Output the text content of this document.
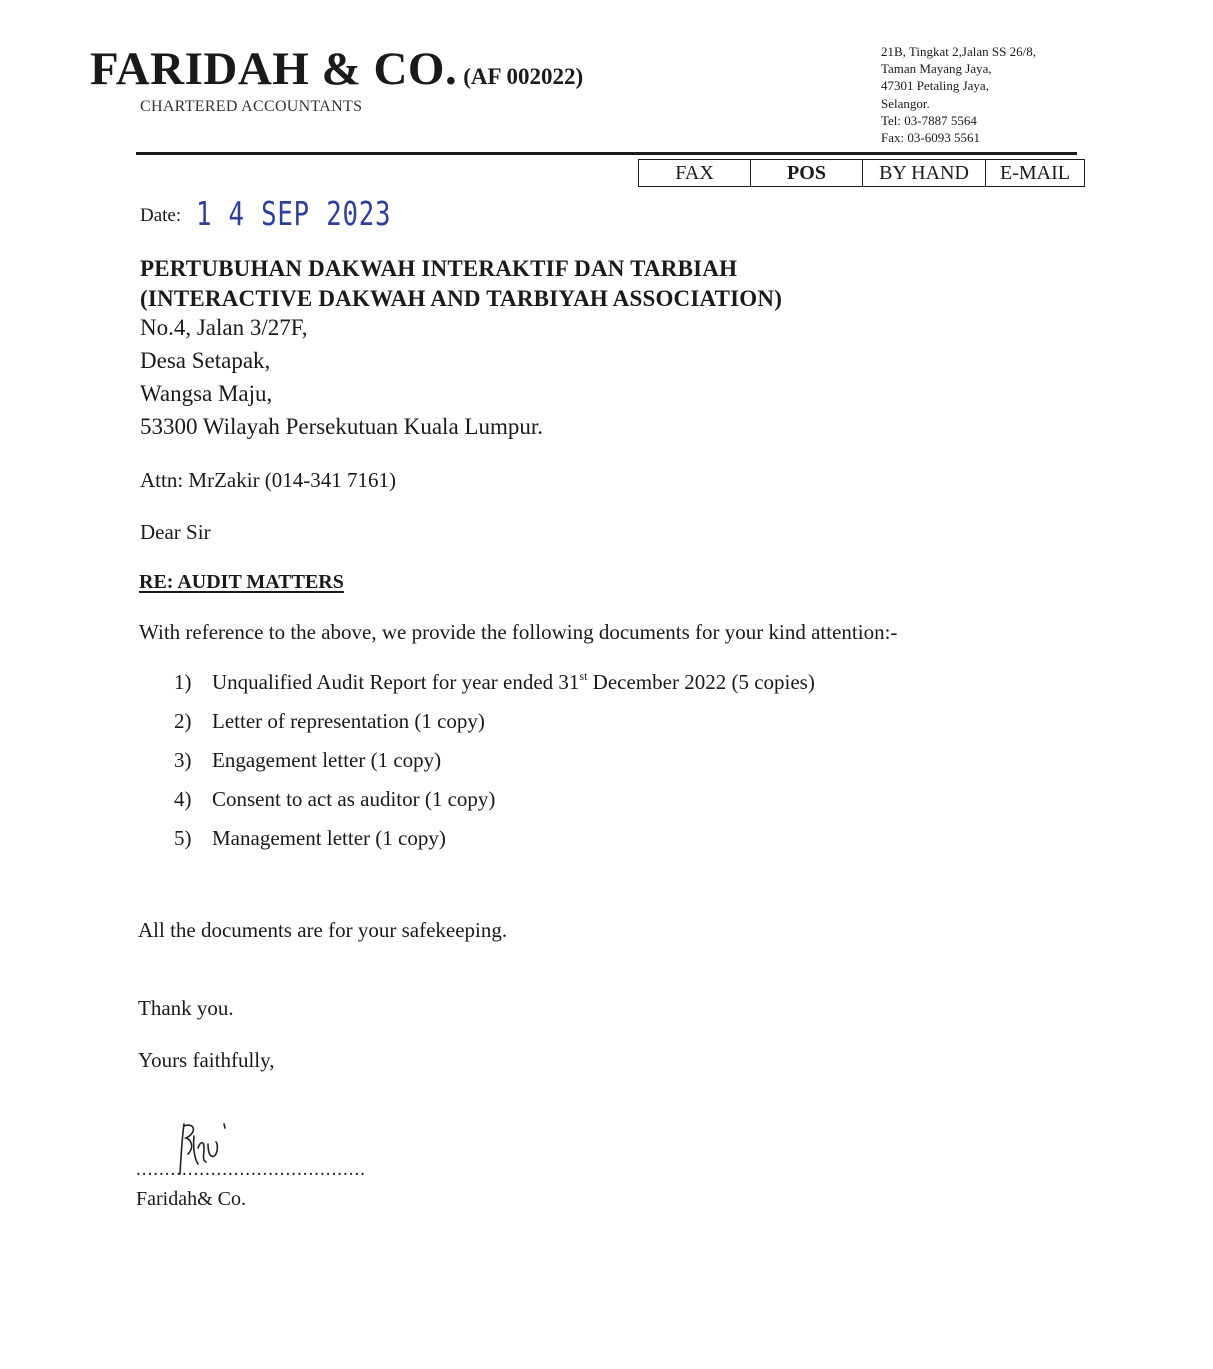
FARIDAH & CO. (AF 002022)
CHARTERED ACCOUNTANTS
21B, Tingkat 2,Jalan SS 26/8,
Taman Mayang Jaya,
47301 Petaling Jaya,
Selangor.
Tel: 03-7887 5564
Fax: 03-6093 5561
FAX	POS	BY HAND	E-MAIL
Date: 1 4 SEP 2023
PERTUBUHAN DAKWAH INTERAKTIF DAN TARBIAH
(INTERACTIVE DAKWAH AND TARBIYAH ASSOCIATION)
No.4, Jalan 3/27F,
Desa Setapak,
Wangsa Maju,
53300 Wilayah Persekutuan Kuala Lumpur.
Attn: MrZakir (014-341 7161)
Dear Sir
RE: AUDIT MATTERS
With reference to the above, we provide the following documents for your kind attention:-
1) Unqualified Audit Report for year ended 31st December 2022 (5 copies)
2) Letter of representation (1 copy)
3) Engagement letter (1 copy)
4) Consent to act as auditor (1 copy)
5) Management letter (1 copy)
All the documents are for your safekeeping.
Thank you.
Yours faithfully,
........................................
Faridah& Co.
